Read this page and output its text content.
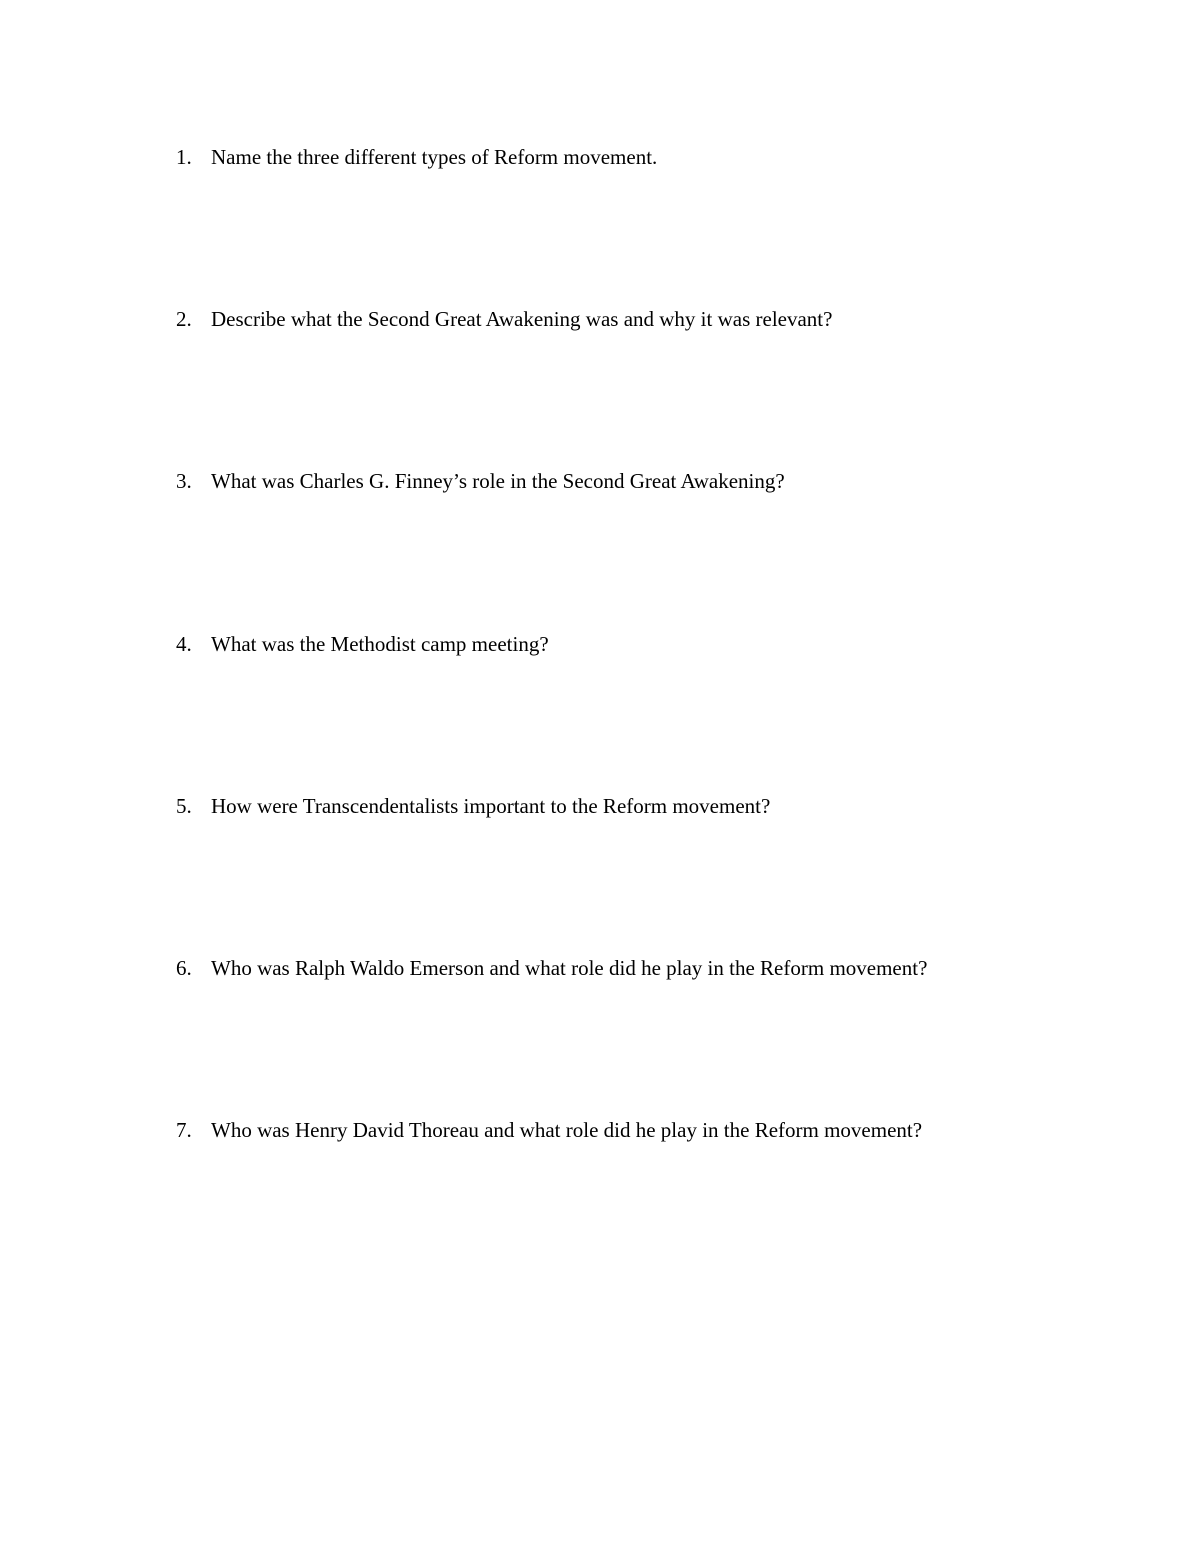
1. Name the three different types of Reform movement.
2. Describe what the Second Great Awakening was and why it was relevant?
3. What was Charles G. Finney’s role in the Second Great Awakening?
4. What was the Methodist camp meeting?
5. How were Transcendentalists important to the Reform movement?
6. Who was Ralph Waldo Emerson and what role did he play in the Reform movement?
7. Who was Henry David Thoreau and what role did he play in the Reform movement?
